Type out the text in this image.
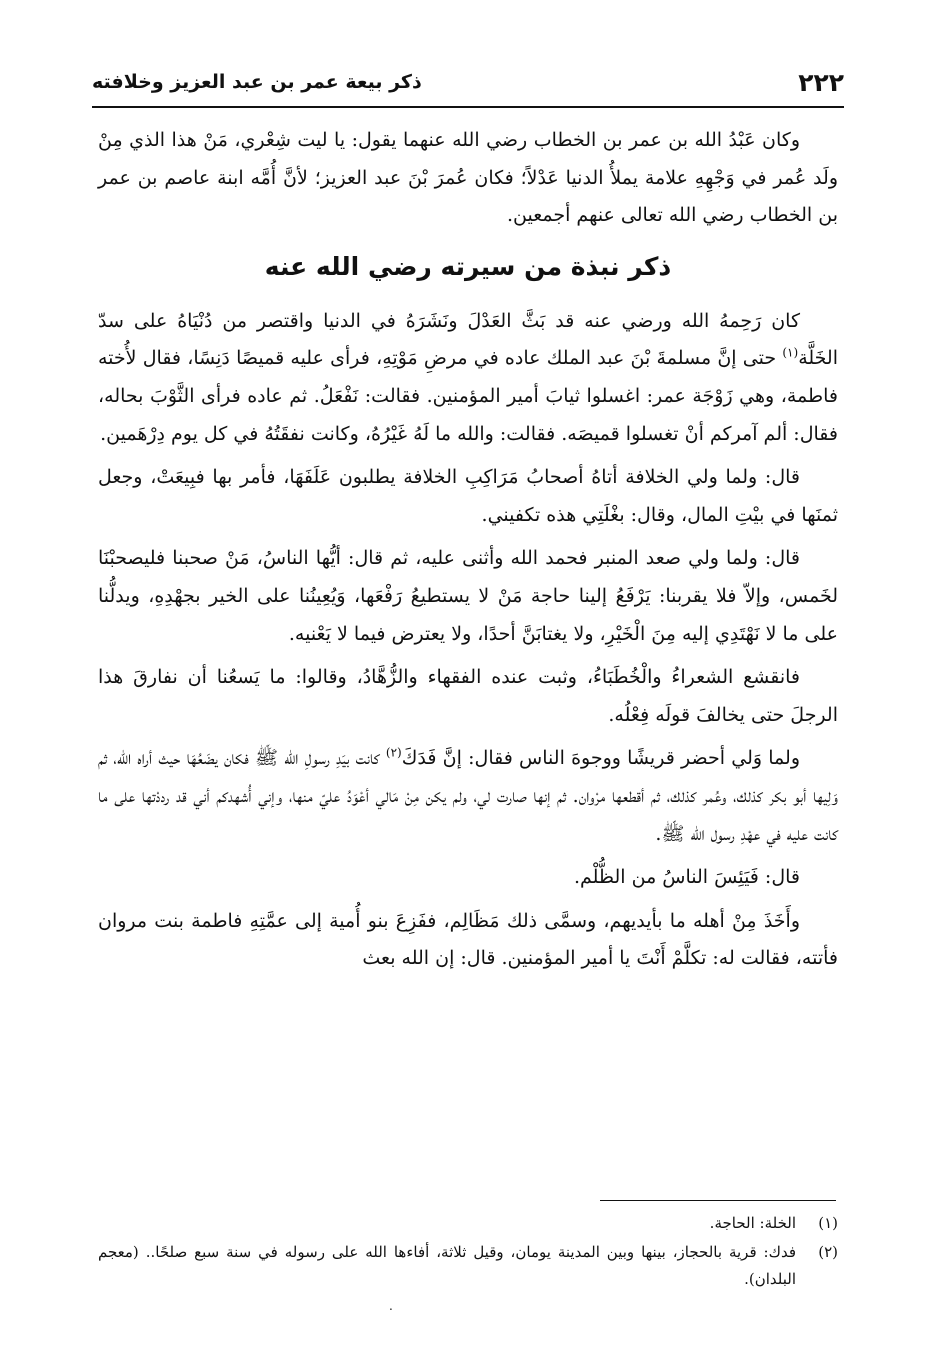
٢٢٢
ذكر بيعة عمر بن عبد العزيز وخلافته

وكان عَبْدُ الله بن عمر بن الخطاب رضي الله عنهما يقول: يا ليت شِعْري، مَنْ هذا الذي مِنْ ولَد عُمر في وَجْهِهِ علامة يملأُ الدنيا عَدْلاً؛ فكان عُمرَ بْنَ عبد العزيز؛ لأنَّ أُمَّه ابنة عاصم بن عمر بن الخطاب رضي الله تعالى عنهم أجمعين.

ذكر نبذة من سيرته رضي الله عنه

كان رَحِمهُ الله ورضي عنه قد بَثَّ العَدْلَ ونَشَرَهُ في الدنيا واقتصر من دُنْيَاهُ على سدّ الخَلَّة$^{(١)}$ حتى إنَّ مسلمةَ بْنَ عبد الملك عاده في مرضِ مَوْتِهِ، فرأى عليه قميصًا دَنِسًا، فقال لأُخته فاطمة، وهي زَوْجَة عمر: اغسلوا ثيابَ أمير المؤمنين. فقالت: نَفْعَلُ. ثم عاده فرأى الثَّوْبَ بحاله، فقال: ألم آمركم أنْ تغسلوا قميصَه. فقالت: والله ما لَهُ غَيْرُهُ، وكانت نفقَتُهُ في كل يوم دِرْهَمين.

قال: ولما ولي الخلافة أتاهُ أصحابُ مَرَاكِبِ الخلافة يطلبون عَلَفَهَا، فأمر بها فبِيعَتْ، وجعل ثمنَها في بيْتِ المال، وقال: بغْلَتِي هذه تكفيني.

قال: ولما ولي صعد المنبر فحمد الله وأثنى عليه، ثم قال: أيُّها الناسُ، مَنْ صحبنا فليصحبْنَا لخَمس، وإلاّ فلا يقربنا: يَرْفَعُ إلينا حاجة مَنْ لا يستطيعُ رَفْعَها، وَيُعِينُنا على الخير بجهْدِهِ، ويدلُّنا على ما لا نَهْتَدِي إليه مِنَ الْخَيْرِ، ولا يغتابَنَّ أحدًا، ولا يعترض فيما لا يَعْنيه.

فانقشع الشعراءُ والْخُطَبَاءُ، وثبت عنده الفقهاء والزُّهَّادُ، وقالوا: ما يَسعُنا أن نفارقَ هذا الرجلَ حتى يخالفَ قولَه فِعْلُه.

ولما وَلي أحضر قريشًا ووجوهَ الناس فقال: إنَّ فَدَكَ$^{(٢)}$ كانت بيَدِ رسولِ الله ﷺ فكان يضَعُهَا حيث أراه الله، ثم وَلِيها أبو بكر كذلك، وعُمر كذلك، ثم أقطعها مرْوان. ثم إنها صارت لي، ولم يكن مِنْ مَالي أعْوَدُ عليّ منها، وإني أُشهدكم أني قد رددْتها على ما كانت عليه في عهْدِ رسول الله ﷺ.

قال: فَيَئِسَ الناسُ من الظُّلْم.

وأَخَذَ مِنْ أهله ما بأيديهم، وسمَّى ذلك مَظَالِم، ففَزِعَ بنو أُمية إلى عمَّتِهِ فاطمة بنت مروان فأتته، فقالت له: تكلَّمْ أَنْتَ يا أمير المؤمنين. قال: إن الله بعث

(١)
الخلة: الحاجة.
(٢)
فدك: قرية بالحجاز، بينها وبين المدينة يومان، وقيل ثلاثة، أفاءها الله على رسوله في سنة سبع صلحًا.. (معجم البلدان).
.
